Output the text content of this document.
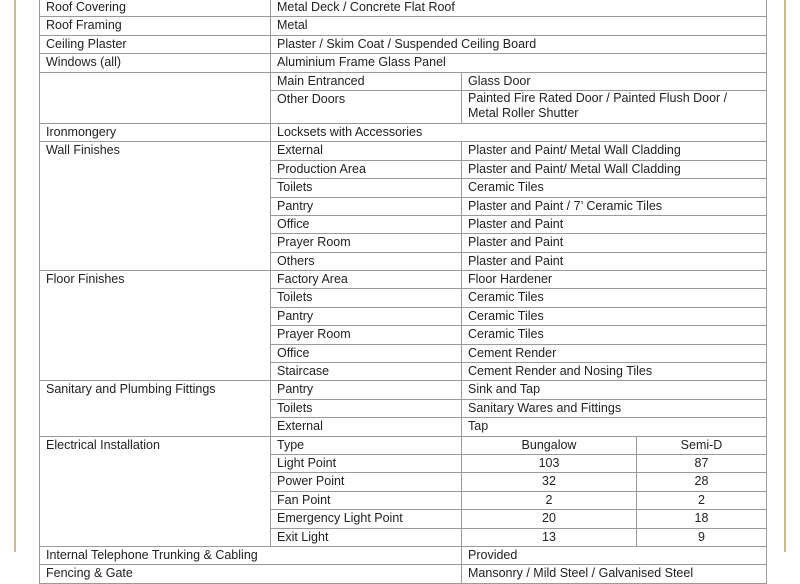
Roof Covering	Metal Deck / Concrete Flat Roof		
Roof Framing	Metal		
Ceiling Plaster	Plaster / Skim Coat / Suspended Ceiling Board		
Windows (all)	Aluminium Frame Glass Panel		
	Main Entranced	Glass Door	
	Other Doors	Painted Fire Rated Door / Painted Flush Door / Metal Roller Shutter	
Ironmongery	Locksets with Accessories		
Wall Finishes	External	Plaster and Paint/ Metal Wall Cladding	
	Production Area	Plaster and Paint/ Metal Wall Cladding	
	Toilets	Ceramic Tiles	
	Pantry	Plaster and Paint / 7’ Ceramic Tiles	
	Office	Plaster and Paint	
	Prayer Room	Plaster and Paint	
	Others	Plaster and Paint	
Floor Finishes	Factory Area	Floor Hardener	
	Toilets	Ceramic Tiles	
	Pantry	Ceramic Tiles	
	Prayer Room	Ceramic Tiles	
	Office	Cement Render	
	Staircase	Cement Render and Nosing Tiles	
Sanitary and Plumbing Fittings	Pantry	Sink and Tap	
	Toilets	Sanitary Wares and Fittings	
	External	Tap	
Electrical Installation	Type	Bungalow	Semi-D
	Light Point	103	87
	Power Point	32	28
	Fan Point	2	2
	Emergency Light Point	20	18
	Exit Light	13	9
Internal Telephone Trunking & Cabling		Provided	
Fencing & Gate		Mansonry / Mild Steel / Galvanised Steel	
